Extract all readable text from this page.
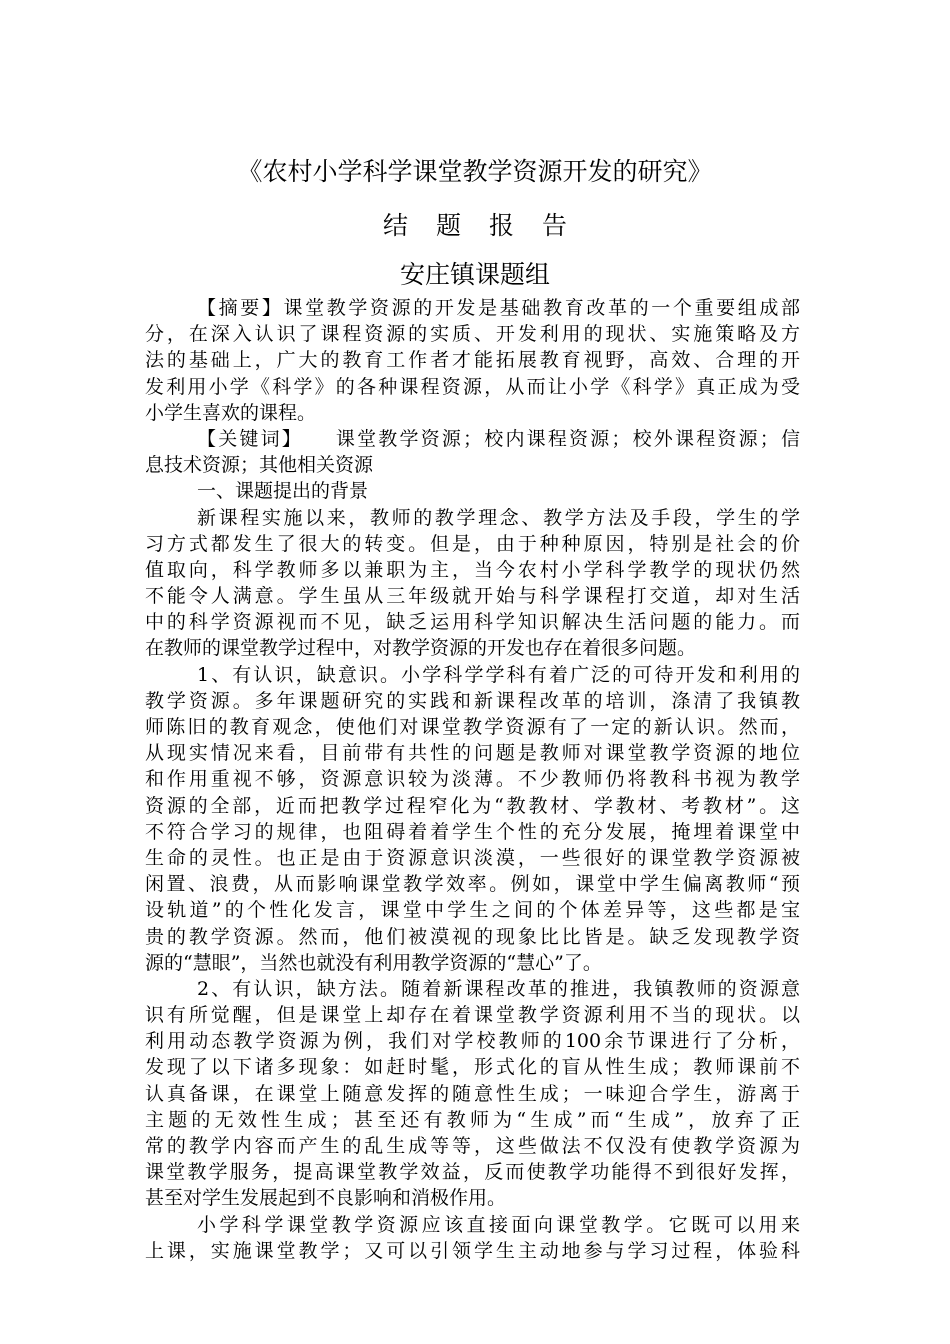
《农村小学科学课堂教学资源开发的研究》
结题报告
安庄镇课题组
【摘要】课堂教学资源的开发是基础教育改革的一个重要组成部
分，在深入认识了课程资源的实质、开发利用的现状、实施策略及方
法的基础上，广大的教育工作者才能拓展教育视野，高效、合理的开
发利用小学《科学》的各种课程资源，从而让小学《科学》真正成为受
小学生喜欢的课程。
【关键词】　　课堂教学资源；校内课程资源；校外课程资源；信
息技术资源；其他相关资源
一、课题提出的背景
新课程实施以来，教师的教学理念、教学方法及手段，学生的学
习方式都发生了很大的转变。但是，由于种种原因，特别是社会的价
值取向，科学教师多以兼职为主，当今农村小学科学教学的现状仍然
不能令人满意。学生虽从三年级就开始与科学课程打交道，却对生活
中的科学资源视而不见，缺乏运用科学知识解决生活问题的能力。而
在教师的课堂教学过程中，对教学资源的开发也存在着很多问题。
1、有认识，缺意识。小学科学学科有着广泛的可待开发和利用的
教学资源。多年课题研究的实践和新课程改革的培训，涤清了我镇教
师陈旧的教育观念，使他们对课堂教学资源有了一定的新认识。然而，
从现实情况来看，目前带有共性的问题是教师对课堂教学资源的地位
和作用重视不够，资源意识较为淡薄。不少教师仍将教科书视为教学
资源的全部，近而把教学过程窄化为“教教材、学教材、考教材”。这
不符合学习的规律，也阻碍着着学生个性的充分发展，掩埋着课堂中
生命的灵性。也正是由于资源意识淡漠，一些很好的课堂教学资源被
闲置、浪费，从而影响课堂教学效率。例如，课堂中学生偏离教师“预
设轨道”的个性化发言，课堂中学生之间的个体差异等，这些都是宝
贵的教学资源。然而，他们被漠视的现象比比皆是。缺乏发现教学资
源的“慧眼”，当然也就没有利用教学资源的“慧心”了。
2、有认识，缺方法。随着新课程改革的推进，我镇教师的资源意
识有所觉醒，但是课堂上却存在着课堂教学资源利用不当的现状。以
利用动态教学资源为例，我们对学校教师的100余节课进行了分析，
发现了以下诸多现象：如赶时髦，形式化的盲从性生成；教师课前不
认真备课，在课堂上随意发挥的随意性生成；一味迎合学生，游离于
主题的无效性生成；甚至还有教师为“生成”而“生成”，放弃了正
常的教学内容而产生的乱生成等等，这些做法不仅没有使教学资源为
课堂教学服务，提高课堂教学效益，反而使教学功能得不到很好发挥，
甚至对学生发展起到不良影响和消极作用。
小学科学课堂教学资源应该直接面向课堂教学。它既可以用来
上课，实施课堂教学；又可以引领学生主动地参与学习过程，体验科
